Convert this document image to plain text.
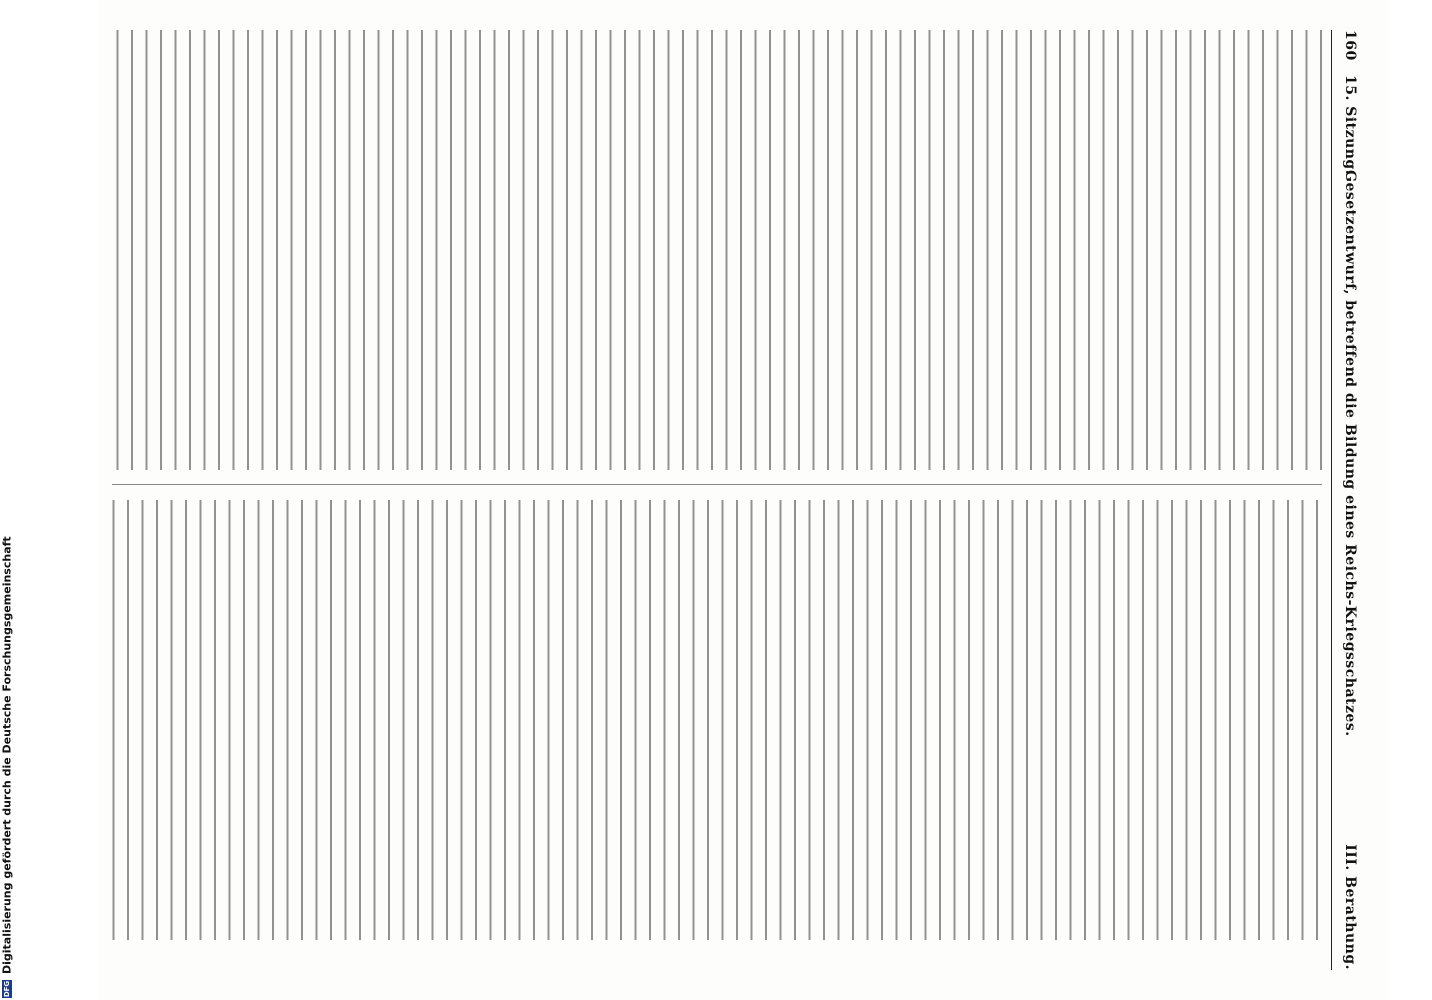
160
15. Sitzung.
Gesetzentwurf, betreffend die Bildung eines Reichs-Kriegsschatzes.
III. Berathung.
DFGDigitalisierung gefördert durch die Deutsche Forschungsgemeinschaft
